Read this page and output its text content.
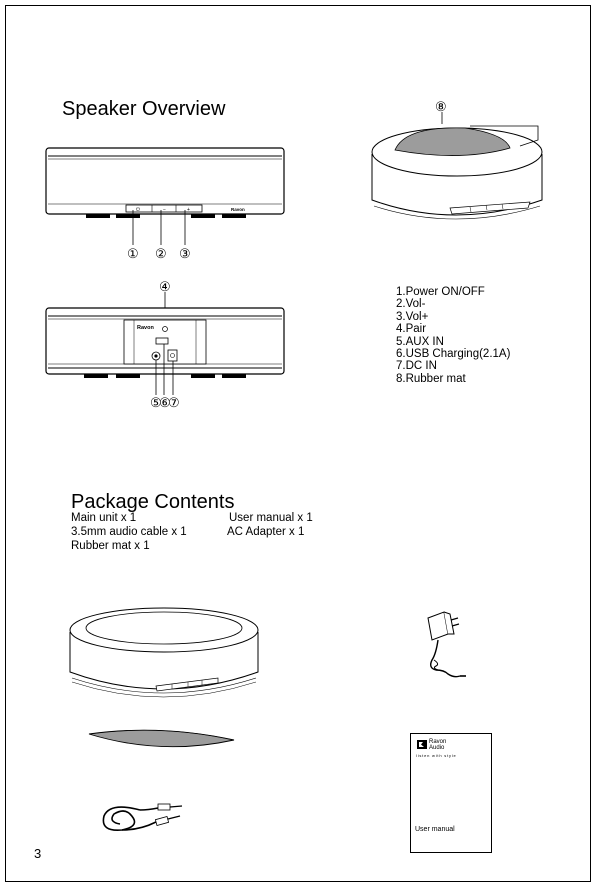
Speaker Overview
⏻	−	+	Ravon
① ② ③
Ravon
④
⑤
⑥
⑦
⑧
1.Power ON/OFF
2.Vol-
3.Vol+
4.Pair
5.AUX IN
6.USB Charging(2.1A)
7.DC IN
8.Rubber mat
Package Contents
Main unit x 1	User manual x 1
3.5mm audio cable x 1	AC Adapter x 1
Rubber mat x 1
Ravon
Audio
listen with style
User manual
3
